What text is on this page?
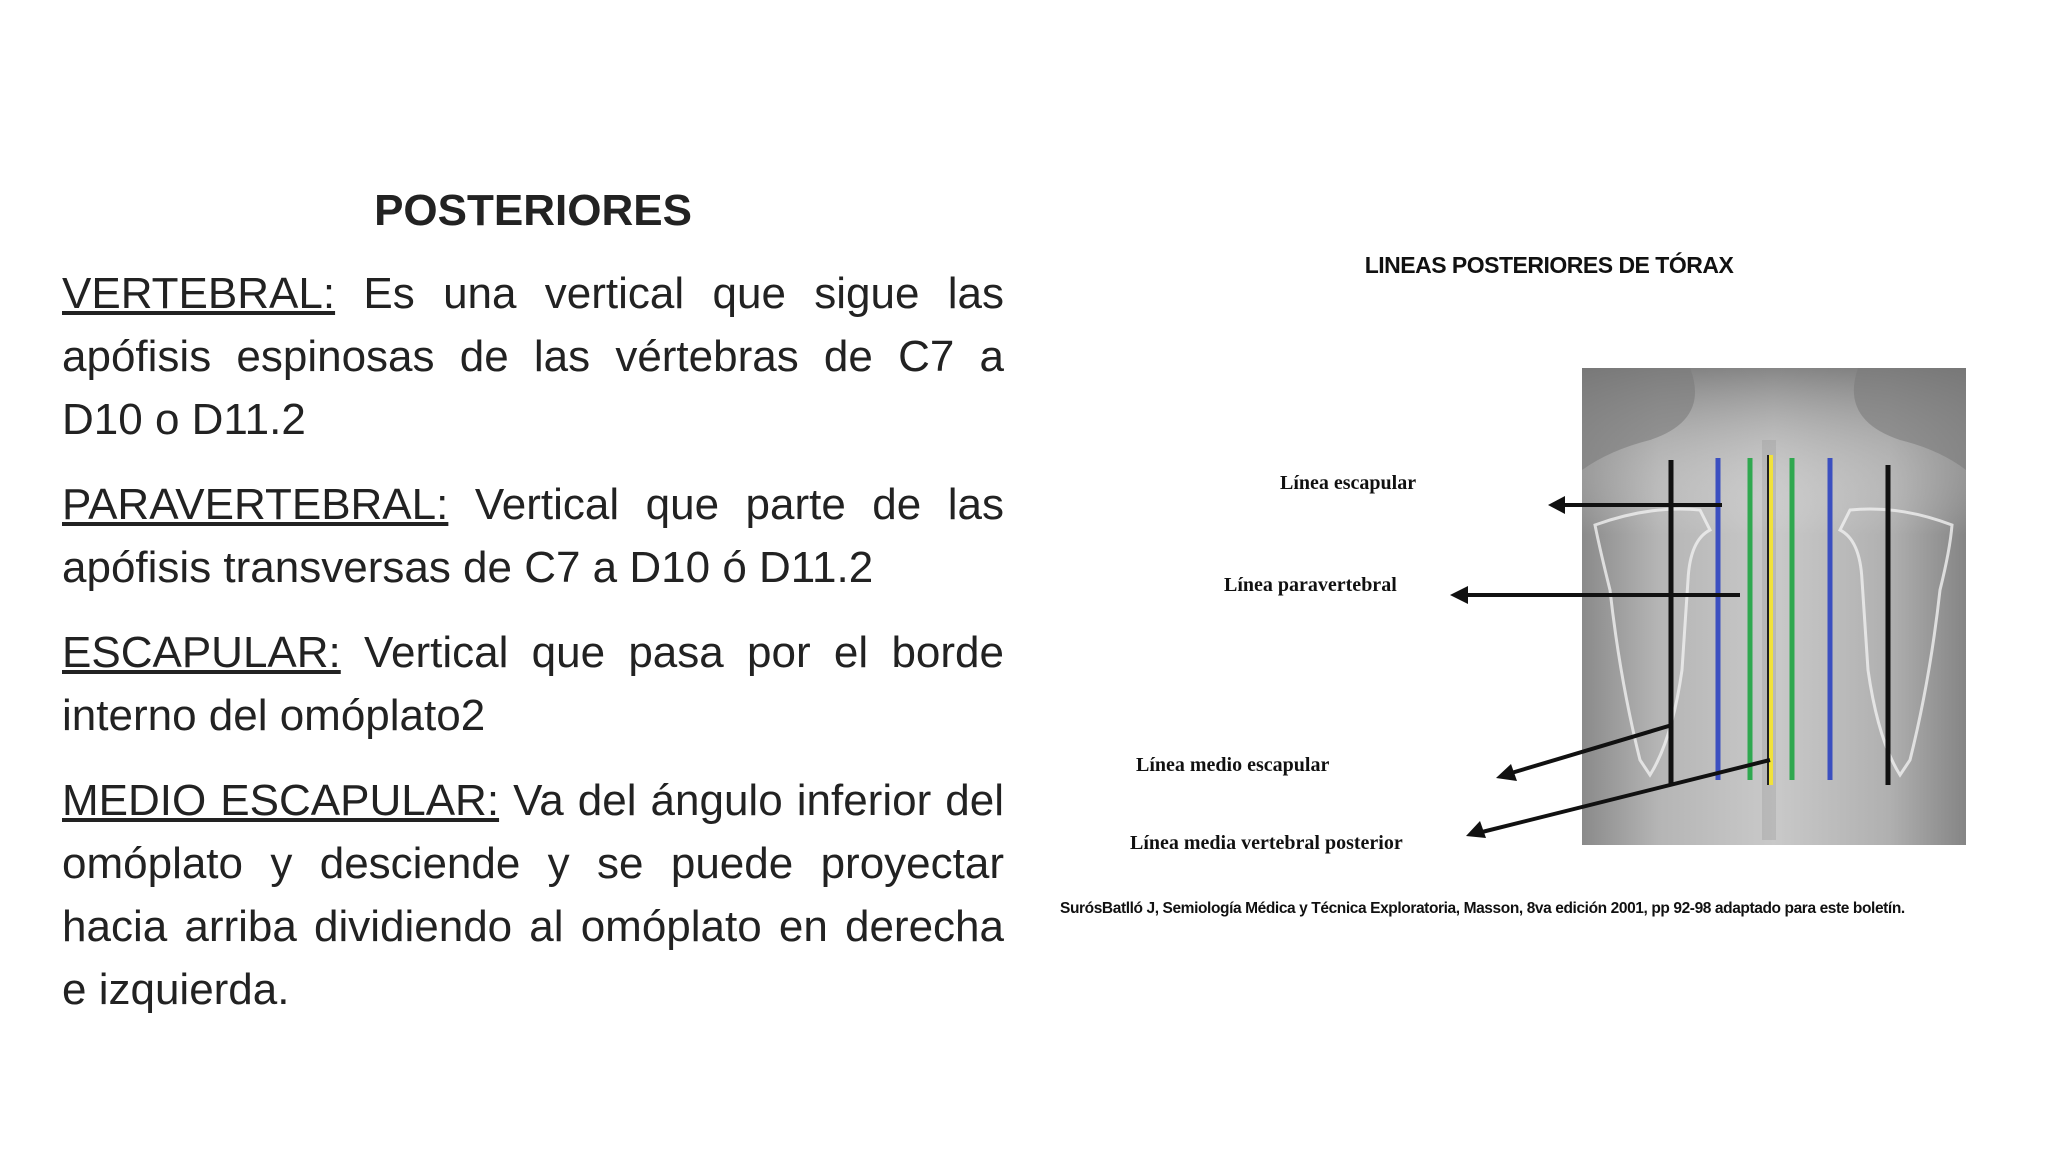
POSTERIORES

VERTEBRAL: Es una vertical que sigue las apófisis espinosas de las vértebras de C7 a D10 o D11.2

PARAVERTEBRAL: Vertical que parte de las apófisis transversas de C7 a D10 ó D11.2

ESCAPULAR: Vertical que pasa por el borde interno del omóplato2

MEDIO ESCAPULAR: Va del ángulo inferior del omóplato y desciende y se puede proyectar hacia arriba dividiendo al omóplato en derecha e izquierda.

LINEAS POSTERIORES DE TÓRAX
Línea escapular
Línea paravertebral
Línea medio escapular
Línea media vertebral posterior
SurósBatlló J, Semiología Médica y Técnica Exploratoria, Masson, 8va edición 2001, pp 92-98 adaptado para este boletín.
